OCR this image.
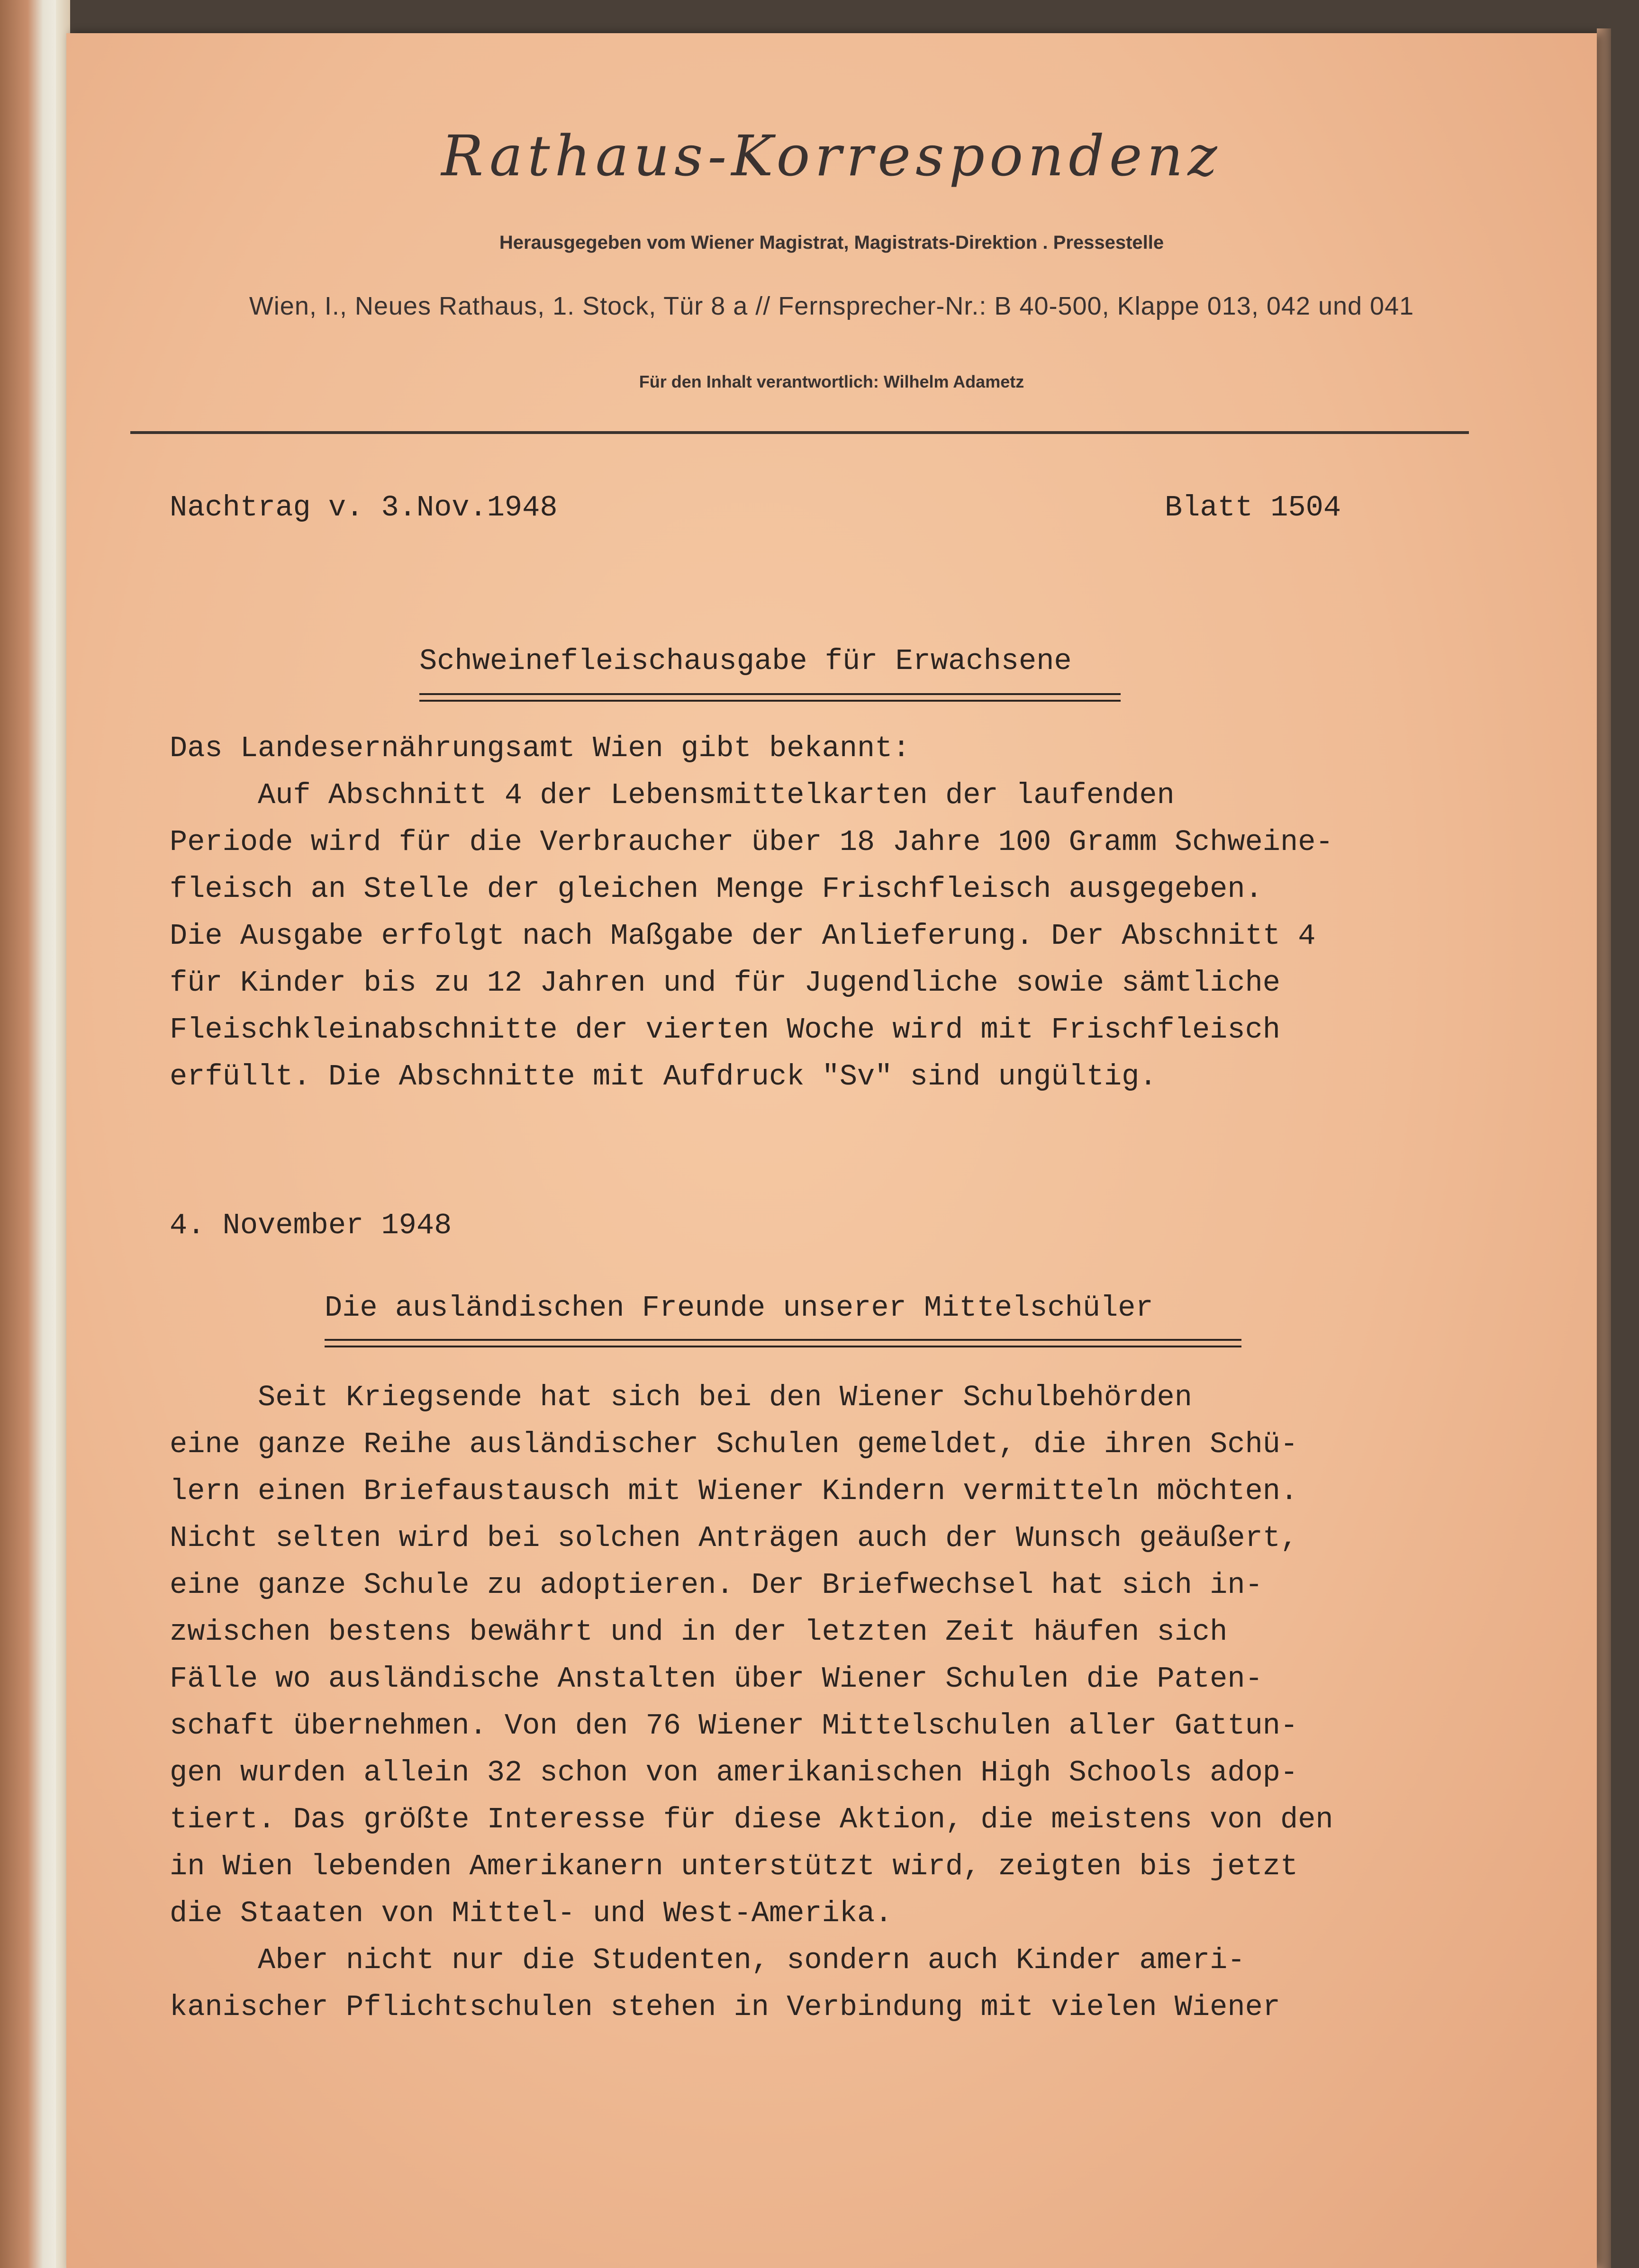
Rathaus-Korrespondenz
Herausgegeben vom Wiener Magistrat, Magistrats-Direktion . Pressestelle
Wien, I., Neues Rathaus, 1. Stock, Tür 8 a // Fernsprecher-Nr.: B 40-500, Klappe 013, 042 und 041
Für den Inhalt verantwortlich: Wilhelm Adametz
Nachtrag v. 3.Nov.1948	Blatt 1504
Schweinefleischausgabe für Erwachsene
Das Landesernährungsamt Wien gibt bekannt:
Auf Abschnitt 4 der Lebensmittelkarten der laufenden
Periode wird für die Verbraucher über 18 Jahre 100 Gramm Schweine-
fleisch an Stelle der gleichen Menge Frischfleisch ausgegeben.
Die Ausgabe erfolgt nach Maßgabe der Anlieferung. Der Abschnitt 4
für Kinder bis zu 12 Jahren und für Jugendliche sowie sämtliche
Fleischkleinabschnitte der vierten Woche wird mit Frischfleisch
erfüllt. Die Abschnitte mit Aufdruck "Sv" sind ungültig.
4. November 1948
Die ausländischen Freunde unserer Mittelschüler
Seit Kriegsende hat sich bei den Wiener Schulbehörden
eine ganze Reihe ausländischer Schulen gemeldet, die ihren Schü-
lern einen Briefaustausch mit Wiener Kindern vermitteln möchten.
Nicht selten wird bei solchen Anträgen auch der Wunsch geäußert,
eine ganze Schule zu adoptieren. Der Briefwechsel hat sich in-
zwischen bestens bewährt und in der letzten Zeit häufen sich
Fälle wo ausländische Anstalten über Wiener Schulen die Paten-
schaft übernehmen. Von den 76 Wiener Mittelschulen aller Gattun-
gen wurden allein 32 schon von amerikanischen High Schools adop-
tiert. Das größte Interesse für diese Aktion, die meistens von den
in Wien lebenden Amerikanern unterstützt wird, zeigten bis jetzt
die Staaten von Mittel- und West-Amerika.
Aber nicht nur die Studenten, sondern auch Kinder ameri-
kanischer Pflichtschulen stehen in Verbindung mit vielen Wiener
